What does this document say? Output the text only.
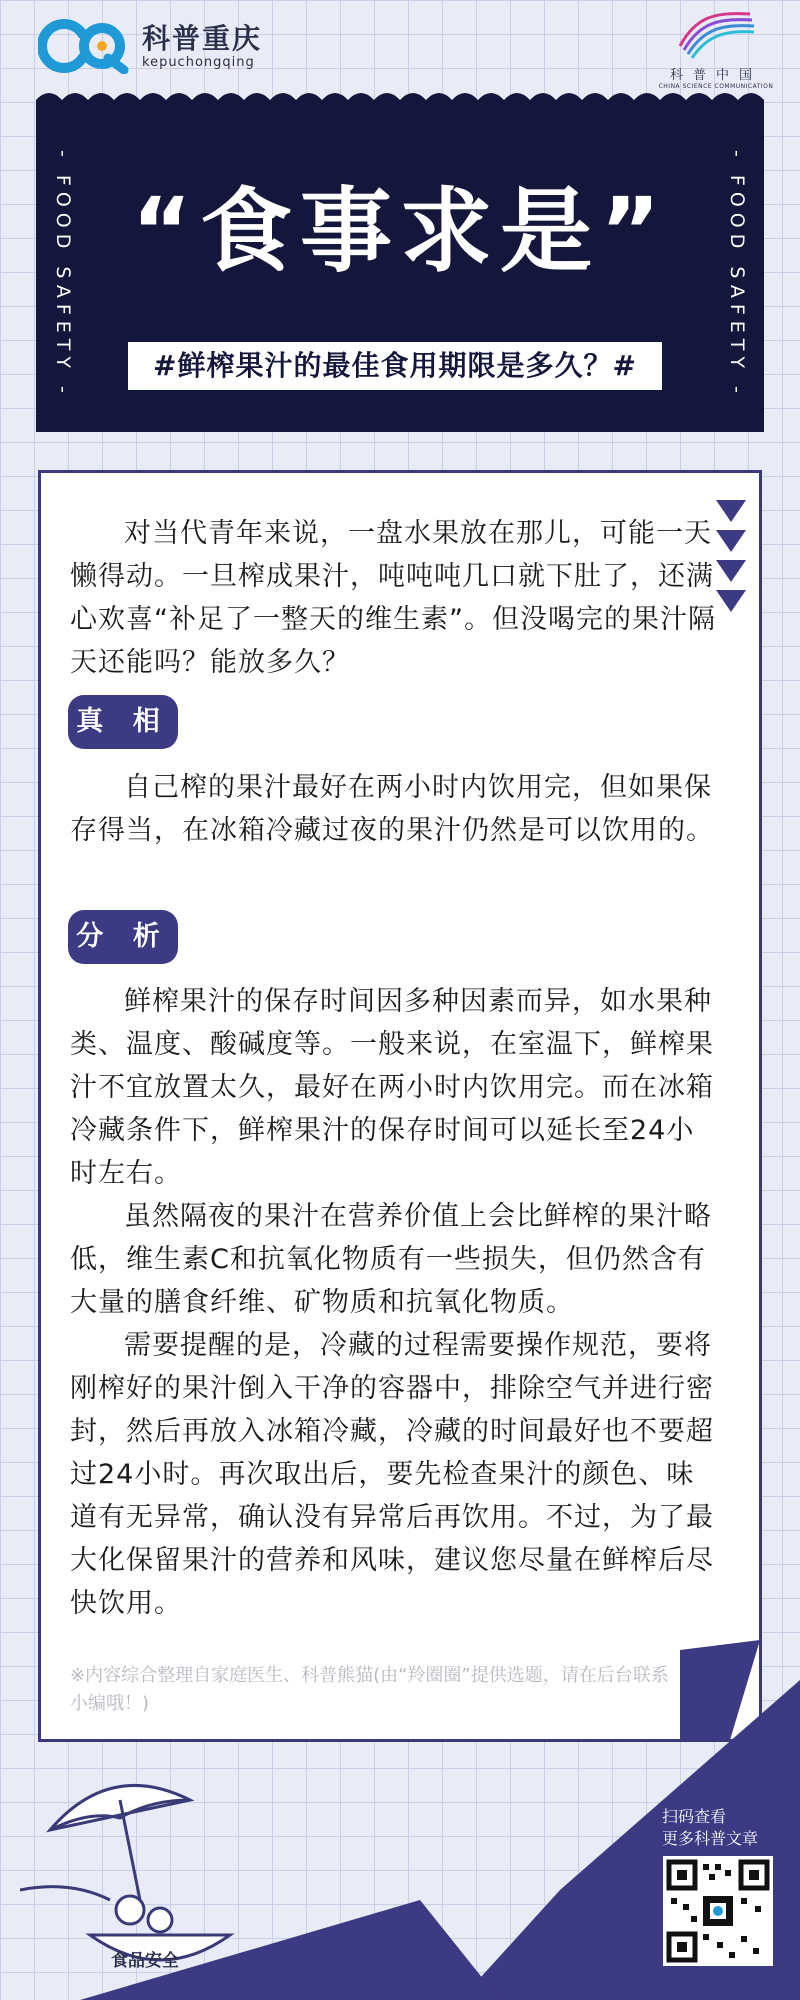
科普重庆
kepuchongqing
科普中国
CHINA SCIENCE COMMUNICATION
- FOOD SAFETY -	- FOOD SAFETY -
“食事求是”
#鲜榨果汁的最佳食用期限是多久？#

对当代青年来说，一盘水果放在那儿，可能一天懒得动。一旦榨成果汁，吨吨吨几口就下肚了，还满心欢喜“补足了一整天的维生素”。但没喝完的果汁隔天还能吗？能放多久？

真 相

自己榨的果汁最好在两小时内饮用完，但如果保存得当，在冰箱冷藏过夜的果汁仍然是可以饮用的。

分 析

鲜榨果汁的保存时间因多种因素而异，如水果种类、温度、酸碱度等。一般来说，在室温下，鲜榨果汁不宜放置太久，最好在两小时内饮用完。而在冰箱冷藏条件下，鲜榨果汁的保存时间可以延长至24小时左右。

虽然隔夜的果汁在营养价值上会比鲜榨的果汁略低，维生素C和抗氧化物质有一些损失，但仍然含有大量的膳食纤维、矿物质和抗氧化物质。

需要提醒的是，冷藏的过程需要操作规范，要将刚榨好的果汁倒入干净的容器中，排除空气并进行密封，然后再放入冰箱冷藏，冷藏的时间最好也不要超过24小时。再次取出后，要先检查果汁的颜色、味道有无异常，确认没有异常后再饮用。不过，为了最大化保留果汁的营养和风味，建议您尽量在鲜榨后尽快饮用。

※内容综合整理自家庭医生、科普熊猫(由“羚圈圈”提供选题，请在后台联系小编哦！)
扫码查看
更多科普文章
食品安全
